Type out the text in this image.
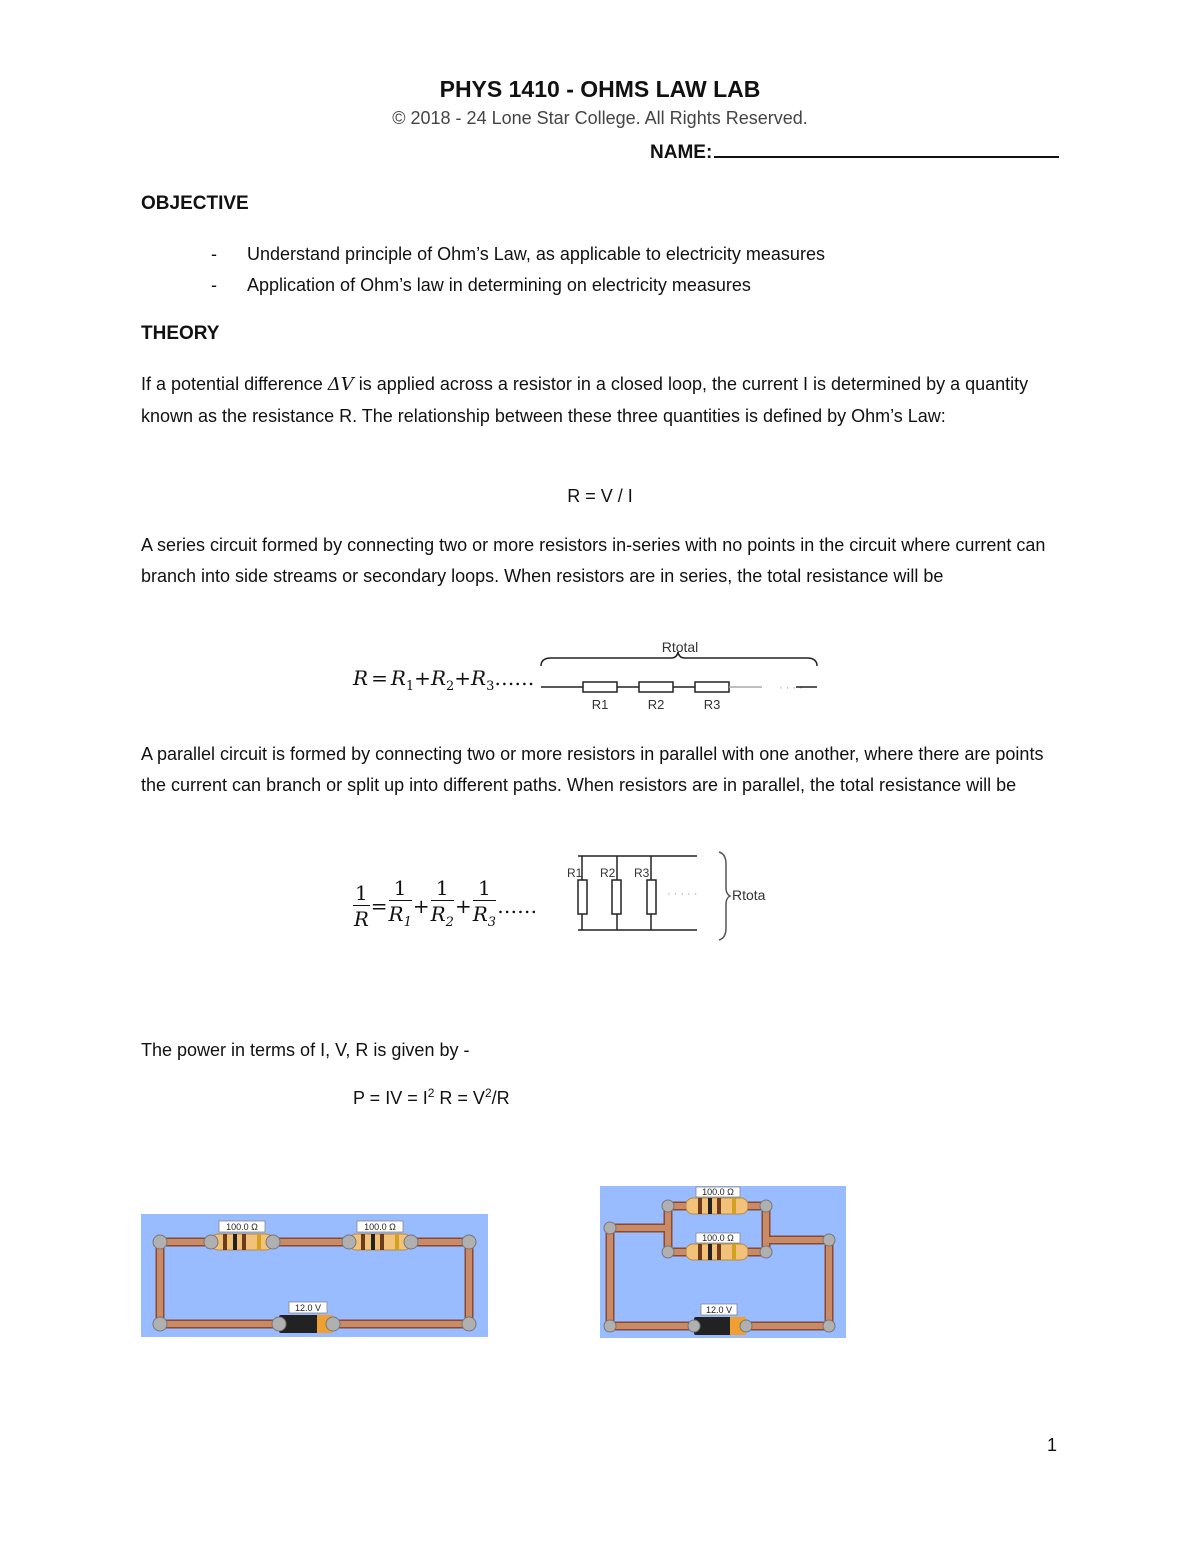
PHYS 1410 - OHMS LAW LAB
© 2018 - 24 Lone Star College. All Rights Reserved.
NAME:
OBJECTIVE
- Understand principle of Ohm’s Law, as applicable to electricity measures
- Application of Ohm’s law in determining on electricity measures
THEORY
If a potential difference ΔV is applied across a resistor in a closed loop, the current I is determined by a quantity known as the resistance R. The relationship between these three quantities is defined by Ohm’s Law:
R = V / I
A series circuit formed by connecting two or more resistors in-series with no points in the circuit where current can branch into side streams or secondary loops. When resistors are in series, the total resistance will be
$R = R_1+R_2+R_3\dots\dots$
Rtotal
· · · ·
R1	R2	R3
A parallel circuit is formed by connecting two or more resistors in parallel with one another, where there are points the current can branch or split up into different paths. When resistors are in parallel, the total resistance will be
$\frac{1}{R} = \frac{1}{R_1} + \frac{1}{R_2} + \frac{1}{R_3}$ ……
R1 R2 R3
· · · · · Rtota
The power in terms of I, V, R is given by -
P = IV = $I^2$ $R = V^2/R$
100.0 Ω	100.0 Ω
12.0 V
100.0 Ω
100.0 Ω
12.0 V
1
